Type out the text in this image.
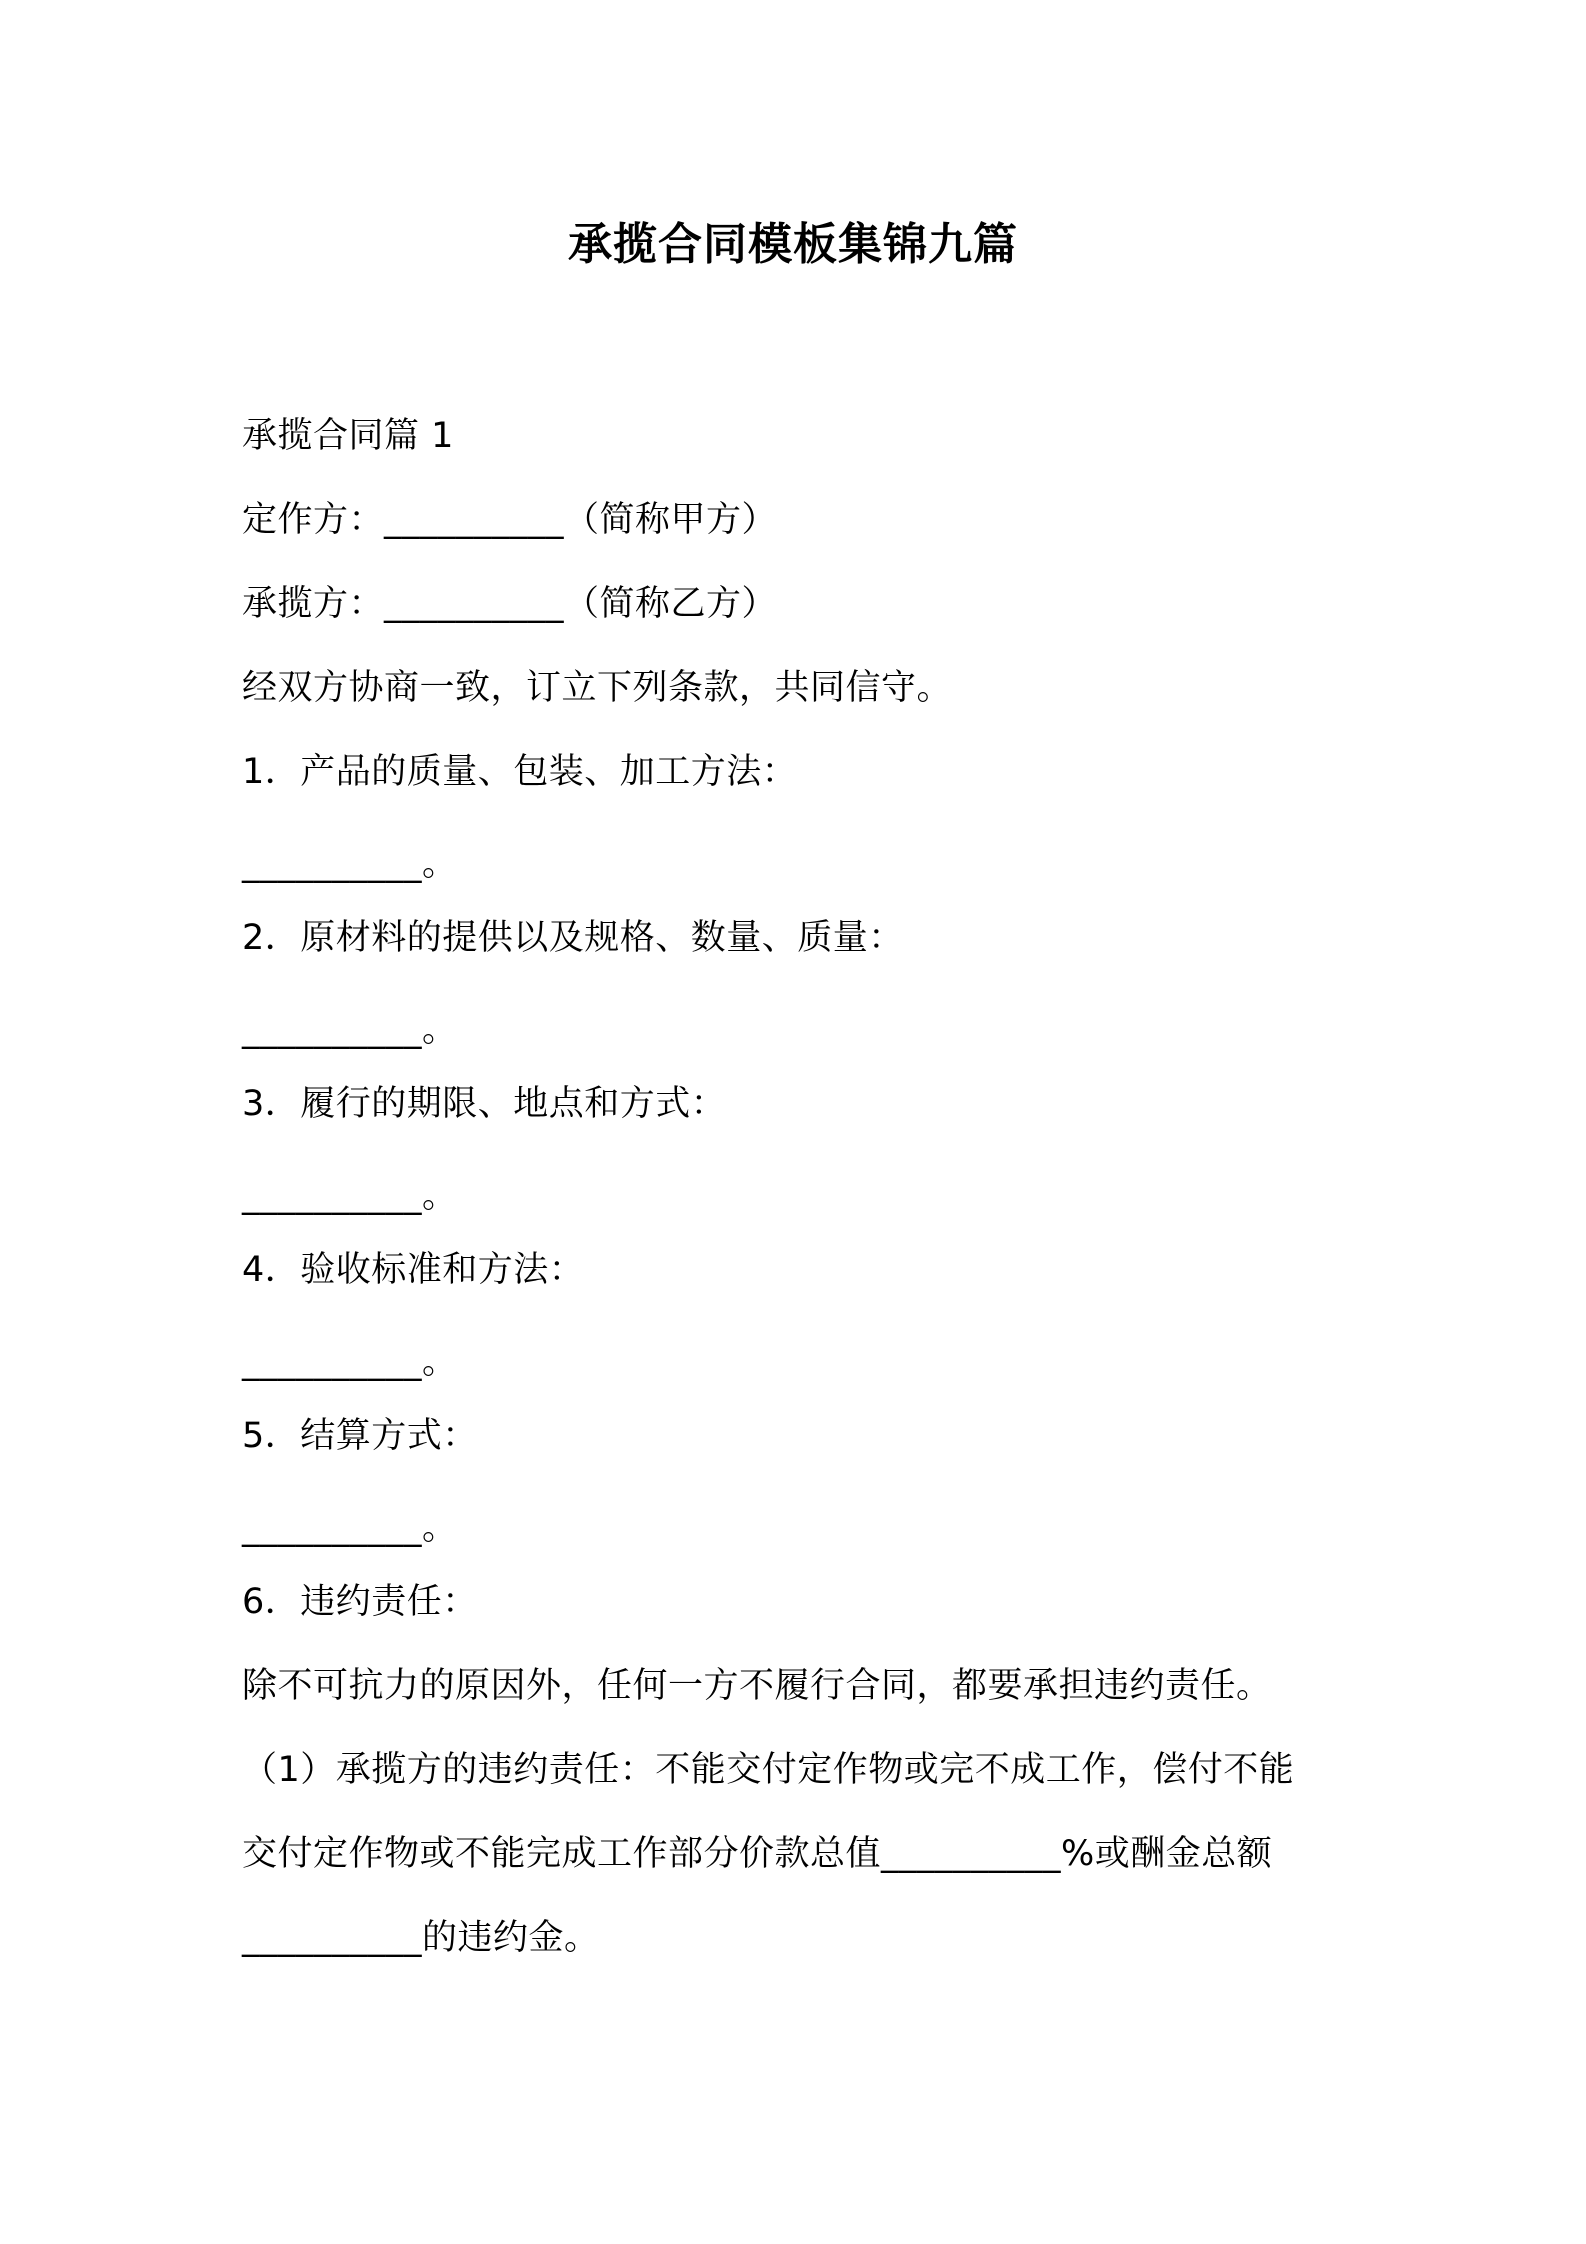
承揽合同模板集锦九篇
承揽合同篇 1
定作方：__________（简称甲方）
承揽方：__________（简称乙方）
经双方协商一致，订立下列条款，共同信守。
1．产品的质量、包装、加工方法：
__________。
2．原材料的提供以及规格、数量、质量：
__________。
3．履行的期限、地点和方式：
__________。
4．验收标准和方法：
__________。
5．结算方式：
__________。
6．违约责任：
除不可抗力的原因外，任何一方不履行合同，都要承担违约责任。
（1）承揽方的违约责任：不能交付定作物或完不成工作，偿付不能
交付定作物或不能完成工作部分价款总值__________%或酬金总额
__________的违约金。
